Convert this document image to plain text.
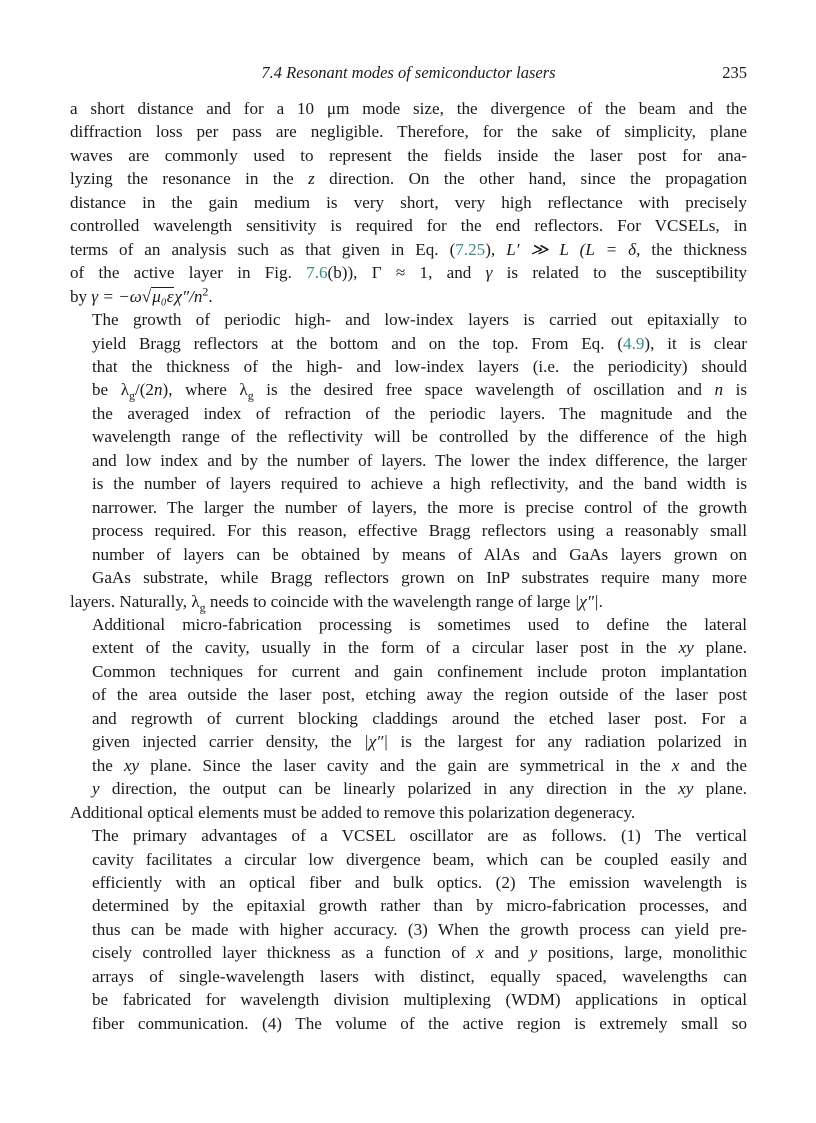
7.4 Resonant modes of semiconductor lasers	235
a short distance and for a 10 μm mode size, the divergence of the beam and the
diffraction loss per pass are negligible. Therefore, for the sake of simplicity, plane
waves are commonly used to represent the fields inside the laser post for ana-
lyzing the resonance in the z direction. On the other hand, since the propagation
distance in the gain medium is very short, very high reflectance with precisely
controlled wavelength sensitivity is required for the end reflectors. For VCSELs, in
terms of an analysis such as that given in Eq. (7.25), L′ ≫ L (L = δ, the thickness
of the active layer in Fig. 7.6(b)), Γ ≈ 1, and γ is related to the susceptibility
by $\gamma = -\omega√\mu_0\varepsilon\chi''/n^2$.
The growth of periodic high- and low-index layers is carried out epitaxially to
yield Bragg reflectors at the bottom and on the top. From Eq. (4.9), it is clear
that the thickness of the high- and low-index layers (i.e. the periodicity) should
be $\lambda_g/(2n)$, where $\lambda_g$ is the desired free space wavelength of oscillation and n is
the averaged index of refraction of the periodic layers. The magnitude and the
wavelength range of the reflectivity will be controlled by the difference of the high
and low index and by the number of layers. The lower the index difference, the larger
is the number of layers required to achieve a high reflectivity, and the band width is
narrower. The larger the number of layers, the more is precise control of the growth
process required. For this reason, effective Bragg reflectors using a reasonably small
number of layers can be obtained by means of AlAs and GaAs layers grown on
GaAs substrate, while Bragg reflectors grown on InP substrates require many more
layers. Naturally, $\lambda_g$ needs to coincide with the wavelength range of large |χ″|.
Additional micro-fabrication processing is sometimes used to define the lateral
extent of the cavity, usually in the form of a circular laser post in the xy plane.
Common techniques for current and gain confinement include proton implantation
of the area outside the laser post, etching away the region outside of the laser post
and regrowth of current blocking claddings around the etched laser post. For a
given injected carrier density, the |χ″| is the largest for any radiation polarized in
the xy plane. Since the laser cavity and the gain are symmetrical in the x and the
y direction, the output can be linearly polarized in any direction in the xy plane.
Additional optical elements must be added to remove this polarization degeneracy.
The primary advantages of a VCSEL oscillator are as follows. (1) The vertical
cavity facilitates a circular low divergence beam, which can be coupled easily and
efficiently with an optical fiber and bulk optics. (2) The emission wavelength is
determined by the epitaxial growth rather than by micro-fabrication processes, and
thus can be made with higher accuracy. (3) When the growth process can yield pre-
cisely controlled layer thickness as a function of x and y positions, large, monolithic
arrays of single-wavelength lasers with distinct, equally spaced, wavelengths can
be fabricated for wavelength division multiplexing (WDM) applications in optical
fiber communication. (4) The volume of the active region is extremely small so
